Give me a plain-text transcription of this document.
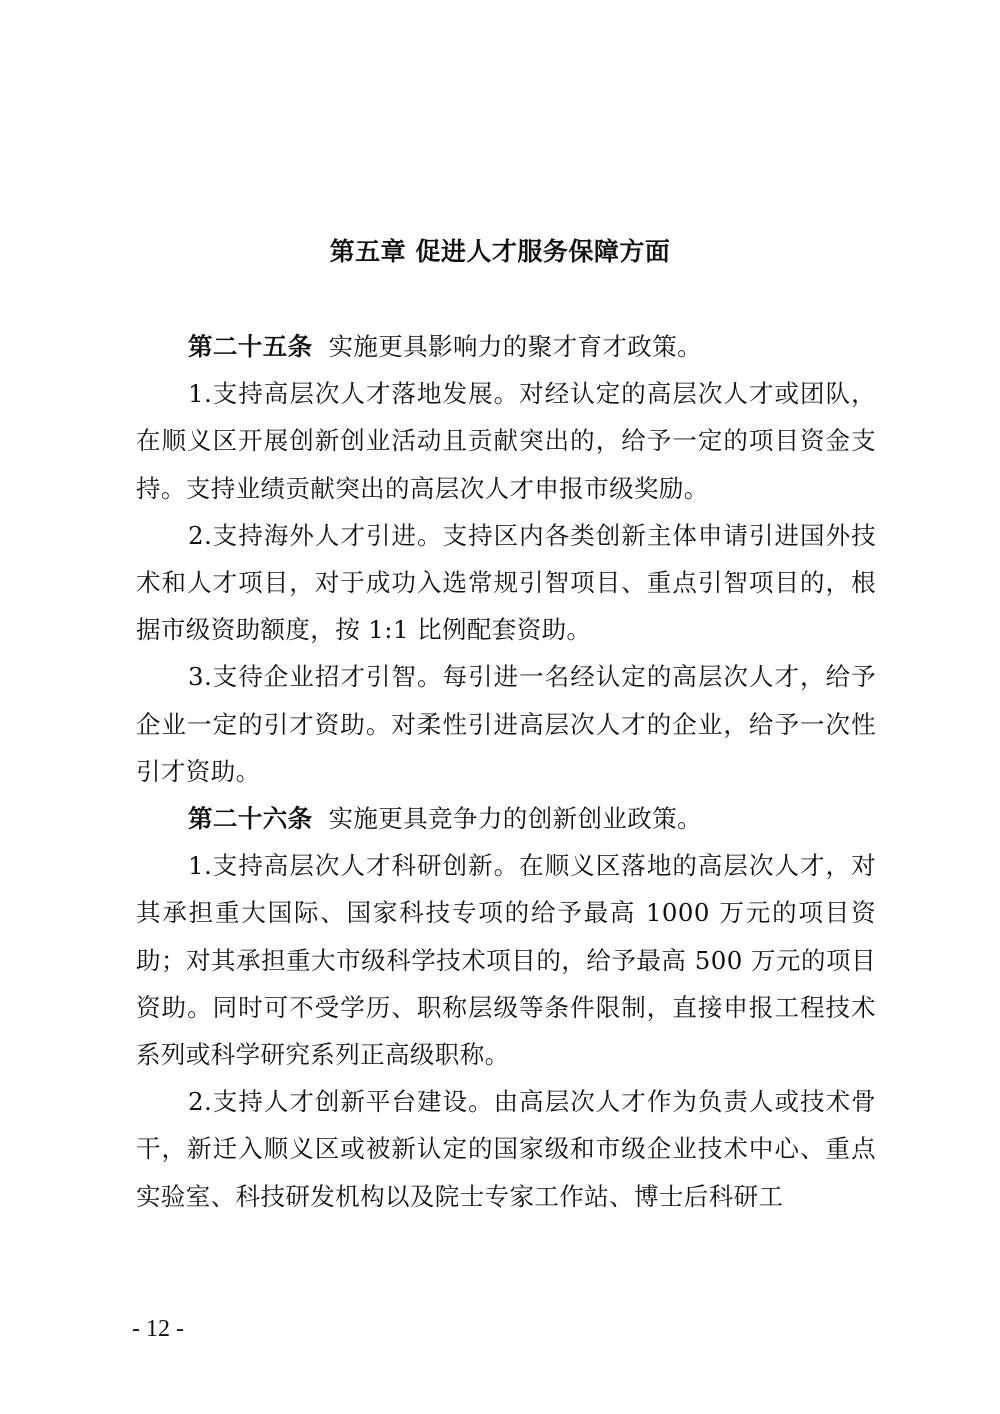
第五章 促进人才服务保障方面

第二十五条 实施更具影响力的聚才育才政策。

1.支持高层次人才落地发展。对经认定的高层次人才或团队，在顺义区开展创新创业活动且贡献突出的，给予一定的项目资金支持。支持业绩贡献突出的高层次人才申报市级奖励。

2.支持海外人才引进。支持区内各类创新主体申请引进国外技术和人才项目，对于成功入选常规引智项目、重点引智项目的，根据市级资助额度，按 1:1 比例配套资助。

3.支待企业招才引智。每引进一名经认定的高层次人才，给予企业一定的引才资助。对柔性引进高层次人才的企业，给予一次性引才资助。

第二十六条 实施更具竞争力的创新创业政策。

1.支持高层次人才科研创新。在顺义区落地的高层次人才，对其承担重大国际、国家科技专项的给予最高 1000 万元的项目资助；对其承担重大市级科学技术项目的，给予最高 500 万元的项目资助。同时可不受学历、职称层级等条件限制，直接申报工程技术系列或科学研究系列正高级职称。

2.支持人才创新平台建设。由高层次人才作为负责人或技术骨干，新迁入顺义区或被新认定的国家级和市级企业技术中心、重点实验室、科技研发机构以及院士专家工作站、博士后科研工

- 12 -
